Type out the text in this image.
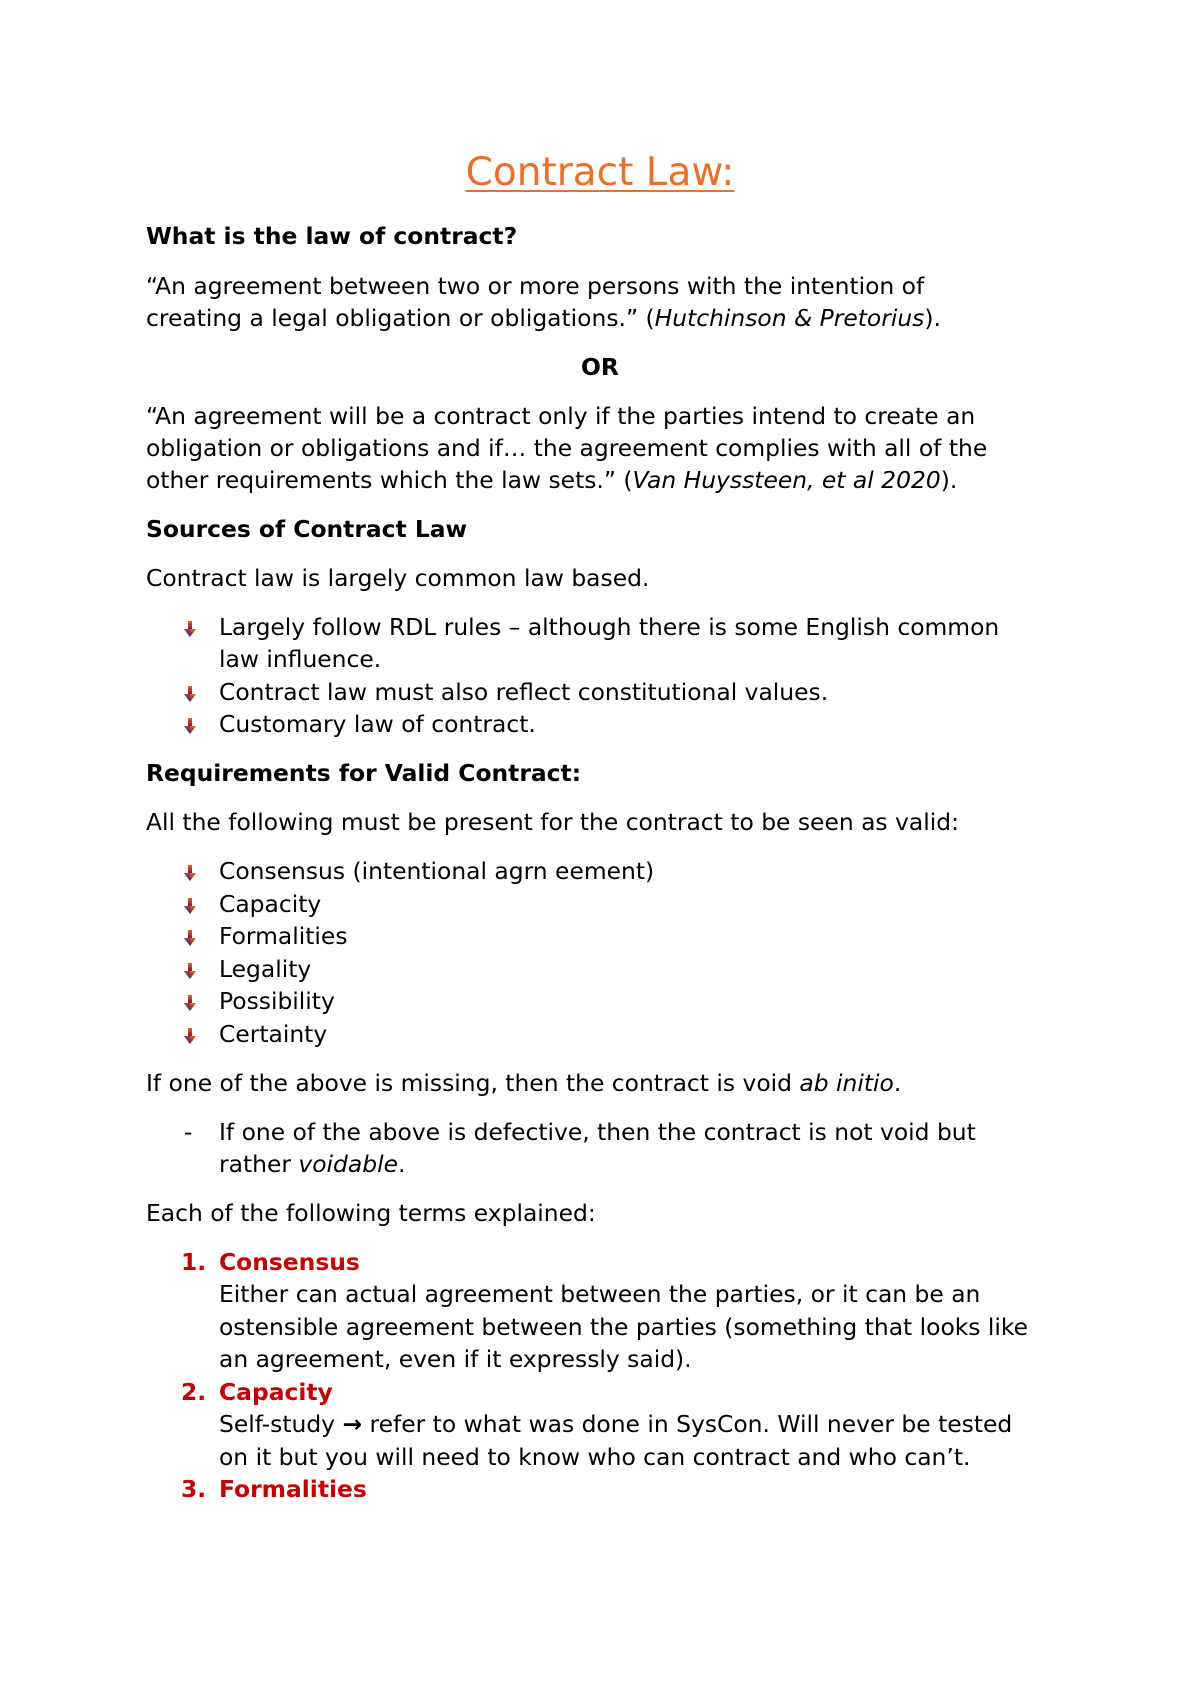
Contract Law:
What is the law of contract?
“An agreement between two or more persons with the intention of
creating a legal obligation or obligations.” (Hutchinson & Pretorius).
OR
“An agreement will be a contract only if the parties intend to create an
obligation or obligations and if… the agreement complies with all of the
other requirements which the law sets.” (Van Huyssteen, et al 2020).
Sources of Contract Law
Contract law is largely common law based.
Largely follow RDL rules – although there is some English common
law influence.
Contract law must also reflect constitutional values.
Customary law of contract.
Requirements for Valid Contract:
All the following must be present for the contract to be seen as valid:
Consensus (intentional agrn eement)
Capacity
Formalities
Legality
Possibility
Certainty
If one of the above is missing, then the contract is void ab initio.
- If one of the above is defective, then the contract is not void but
rather voidable.
Each of the following terms explained:
1. Consensus
Either can actual agreement between the parties, or it can be an
ostensible agreement between the parties (something that looks like
an agreement, even if it expressly said).
2. Capacity
Self-study → refer to what was done in SysCon. Will never be tested
on it but you will need to know who can contract and who can’t.
3. Formalities
